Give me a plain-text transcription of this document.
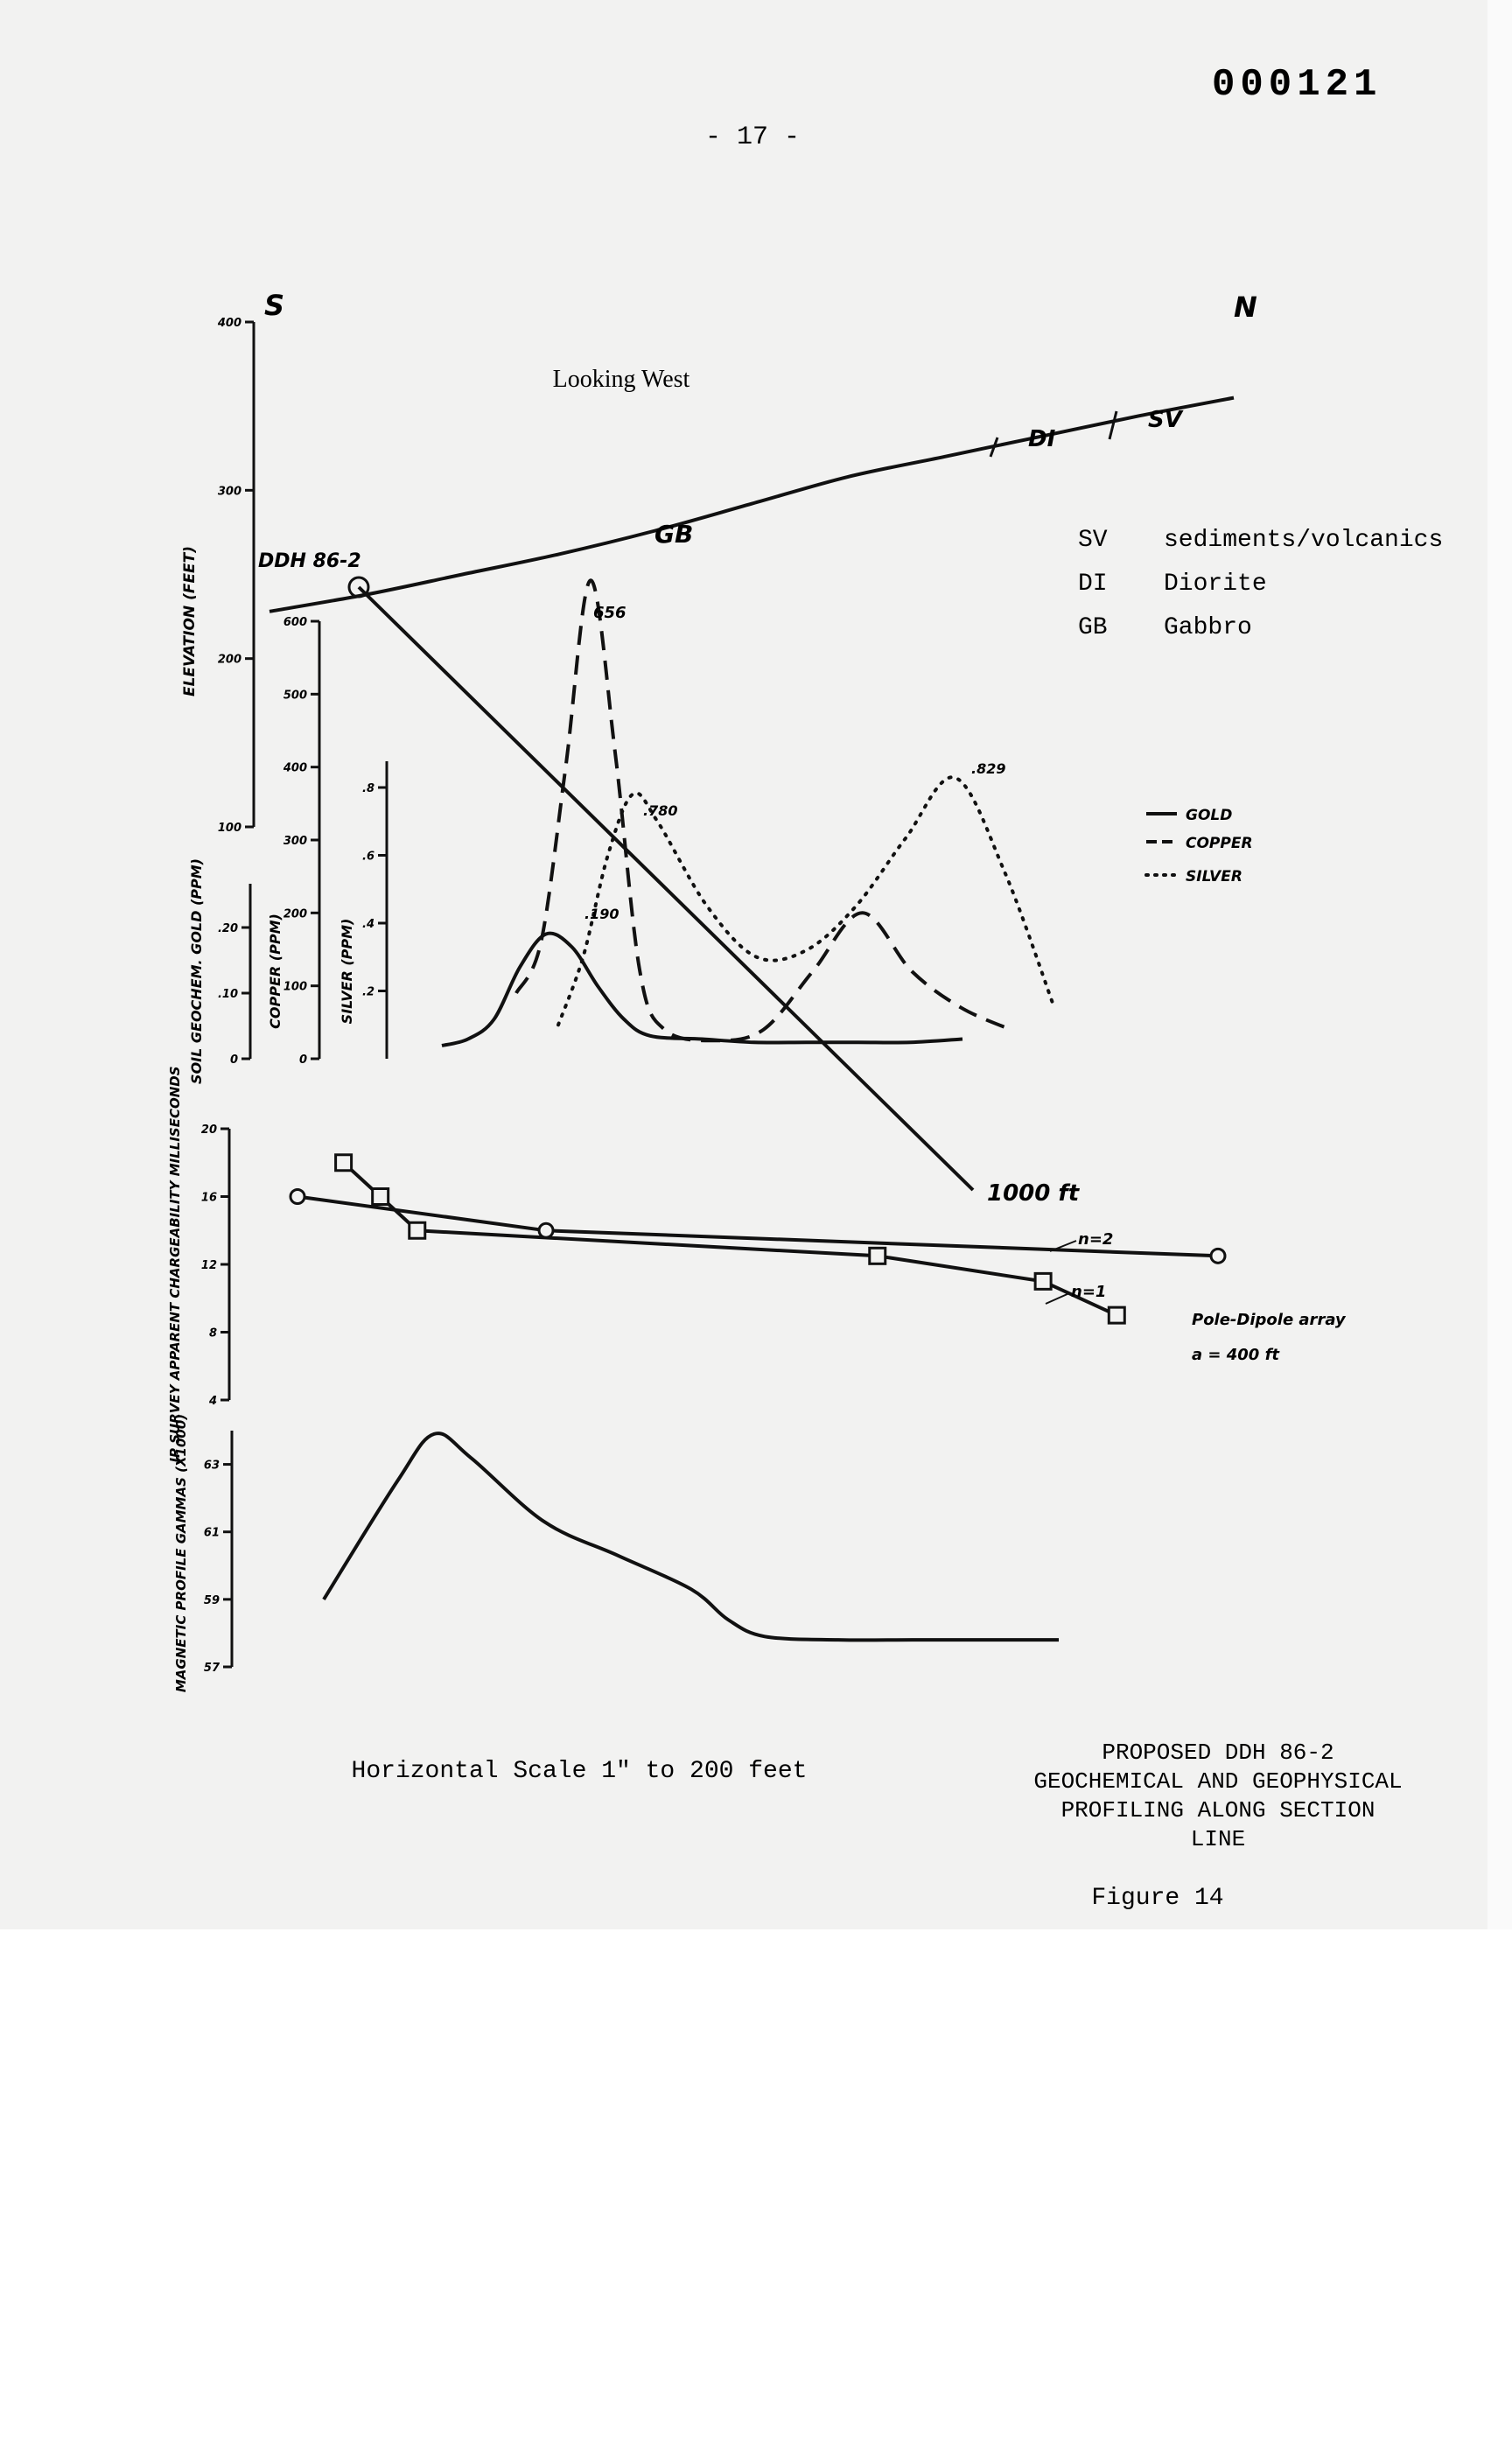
000121
- 17 -
S	N
Looking West
400
300
200
100
ELEVATION (FEET)
GB
DI
SV
DDH 86-2
1000 ft
SV sediments/volcanics
DI Diorite
GB Gabbro
0
.10
.20
0
100
200
300
400
500
600
.2
.4
.6
.8
SOIL GEOCHEM. GOLD (PPM)	COPPER (PPM)	SILVER (PPM)
656
.780
.829
.190
GOLD
COPPER
SILVER
20
16
12
8
4
IP SURVEY APPARENT CHARGEABILITY MILLISECONDS	n=2
n=1
Pole-Dipole array
a = 400 ft
63
61
59
57
MAGNETIC PROFILE GAMMAS (X1000)
Horizontal Scale 1" to 200 feet
PROPOSED DDH 86-2
GEOCHEMICAL AND GEOPHYSICAL
PROFILING ALONG SECTION
LINE
Figure 14
